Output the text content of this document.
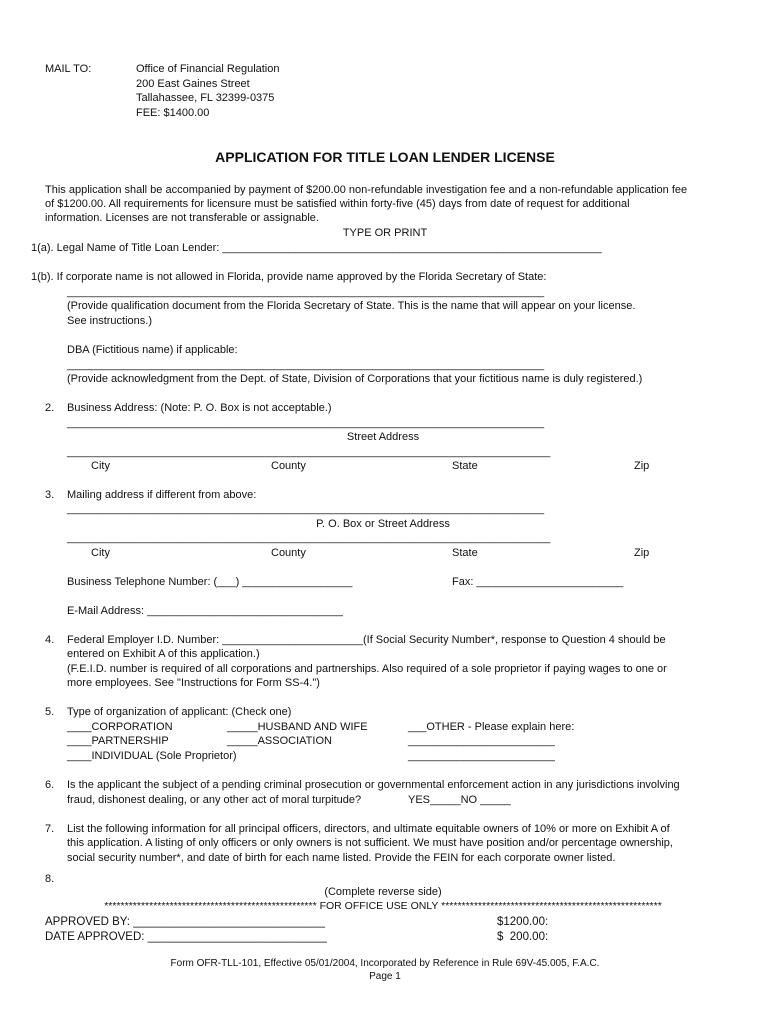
MAIL TO:	Office of Financial Regulation
200 East Gaines Street
Tallahassee, FL 32399-0375
FEE: $1400.00
APPLICATION FOR TITLE LOAN LENDER LICENSE
This application shall be accompanied by payment of $200.00 non-refundable investigation fee and a non-refundable application fee
of $1200.00. All requirements for licensure must be satisfied within forty-five (45) days from date of request for additional
information. Licenses are not transferable or assignable.
TYPE OR PRINT
1(a). Legal Name of Title Loan Lender: ______________________________________________________________
1(b). If corporate name is not allowed in Florida, provide name approved by the Florida Secretary of State:
______________________________________________________________________________
(Provide qualification document from the Florida Secretary of State. This is the name that will appear on your license.
See instructions.)
DBA (Fictitious name) if applicable:
______________________________________________________________________________
(Provide acknowledgment from the Dept. of State, Division of Corporations that your fictitious name is duly registered.)
2. Business Address: (Note: P. O. Box is not acceptable.)
______________________________________________________________________________
Street Address
_______________________________________________________________________________
City	County	State	Zip
3. Mailing address if different from above:
______________________________________________________________________________
P. O. Box or Street Address
_______________________________________________________________________________
City	County	State	Zip
Business Telephone Number: (___) __________________	Fax: ________________________
E-Mail Address: ________________________________
4. Federal Employer I.D. Number: _______________________(If Social Security Number*, response to Question 4 should be
entered on Exhibit A of this application.)
(F.E.I.D. number is required of all corporations and partnerships. Also required of a sole proprietor if paying wages to one or
more employees. See "Instructions for Form SS-4.")
5. Type of organization of applicant: (Check one)
____CORPORATION	_____HUSBAND AND WIFE	___OTHER - Please explain here:
____PARTNERSHIP	_____ASSOCIATION	________________________
____INDIVIDUAL (Sole Proprietor)	________________________
6. Is the applicant the subject of a pending criminal prosecution or governmental enforcement action in any jurisdictions involving
fraud, dishonest dealing, or any other act of moral turpitude?	YES_____NO _____
7. List the following information for all principal officers, directors, and ultimate equitable owners of 10% or more on Exhibit A of
this application. A listing of only officers or only owners is not sufficient. We must have position and/or percentage ownership,
social security number*, and date of birth for each name listed. Provide the FEIN for each corporate owner listed.
8.
(Complete reverse side)
**************************************************** FOR OFFICE USE ONLY ******************************************************
APPROVED BY: ______________________________	$1200.00:
DATE APPROVED: ____________________________	$  200.00:
Form OFR-TLL-101, Effective 05/01/2004, Incorporated by Reference in Rule 69V-45.005, F.A.C.
Page 1
